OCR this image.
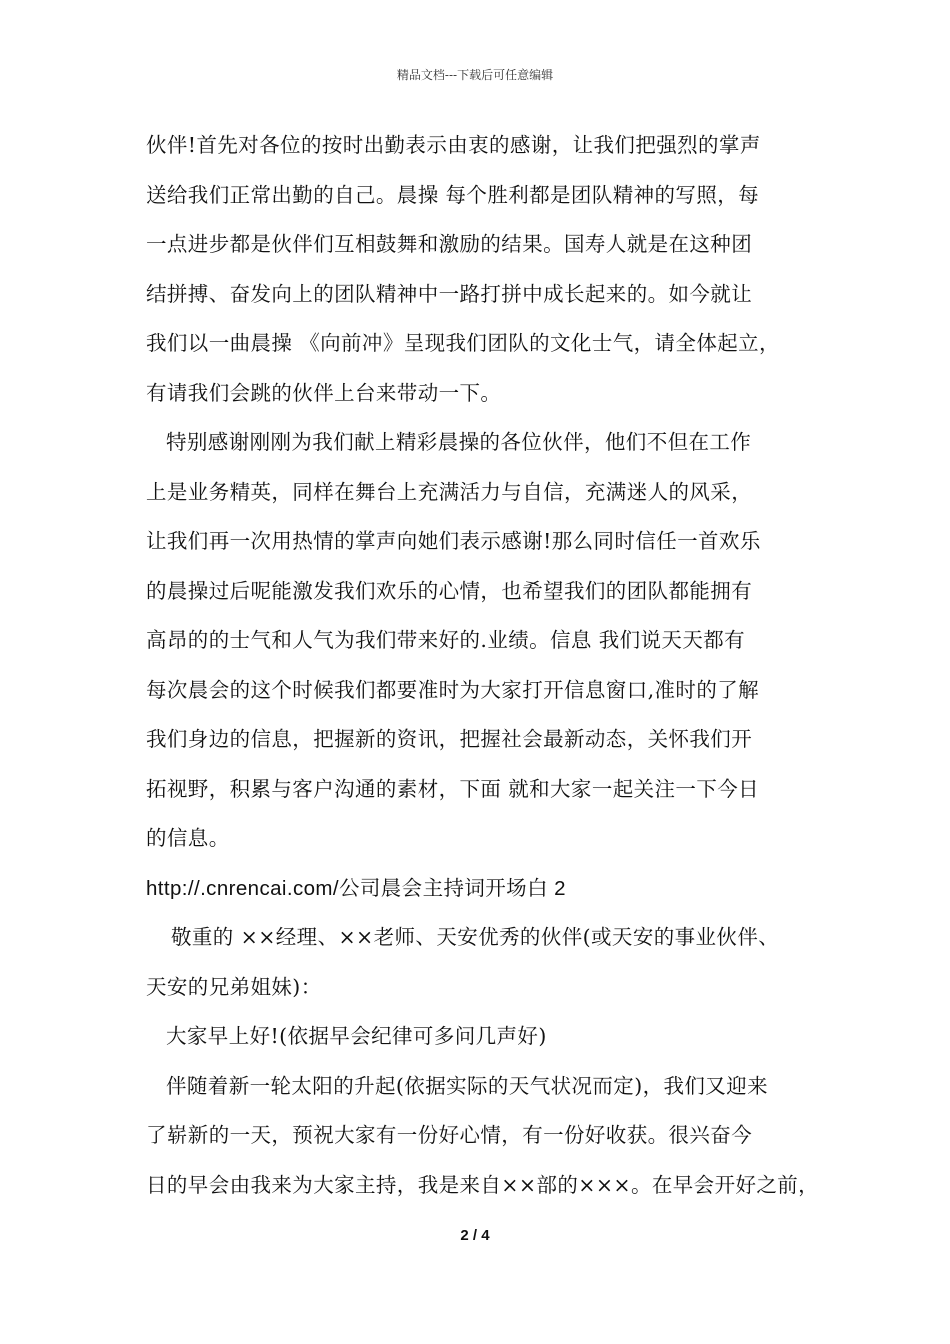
精品文档---下载后可任意编辑

伙伴!首先对各位的按时出勤表示由衷的感谢，让我们把强烈的掌声

送给我们正常出勤的自己。晨操 每个胜利都是团队精神的写照，每

一点进步都是伙伴们互相鼓舞和激励的结果。国寿人就是在这种团

结拼搏、奋发向上的团队精神中一路打拼中成长起来的。如今就让

我们以一曲晨操 《向前冲》呈现我们团队的文化士气，请全体起立，

有请我们会跳的伙伴上台来带动一下。

特别感谢刚刚为我们献上精彩晨操的各位伙伴，他们不但在工作

上是业务精英，同样在舞台上充满活力与自信，充满迷人的风采，

让我们再一次用热情的掌声向她们表示感谢!那么同时信任一首欢乐

的晨操过后呢能激发我们欢乐的心情，也希望我们的团队都能拥有

高昂的的士气和人气为我们带来好的.业绩。信息 我们说天天都有

每次晨会的这个时候我们都要准时为大家打开信息窗口,准时的了解

我们身边的信息，把握新的资讯，把握社会最新动态，关怀我们开

拓视野，积累与客户沟通的素材，下面 就和大家一起关注一下今日

的信息。

http://.cnrencai.com/公司晨会主持词开场白 2

敬重的 ××经理、××老师、天安优秀的伙伴(或天安的事业伙伴、

天安的兄弟姐妹)：

大家早上好!(依据早会纪律可多问几声好)

伴随着新一轮太阳的升起(依据实际的天气状况而定)，我们又迎来

了崭新的一天，预祝大家有一份好心情，有一份好收获。很兴奋今

日的早会由我来为大家主持，我是来自××部的×××。在早会开好之前，

2 / 4
